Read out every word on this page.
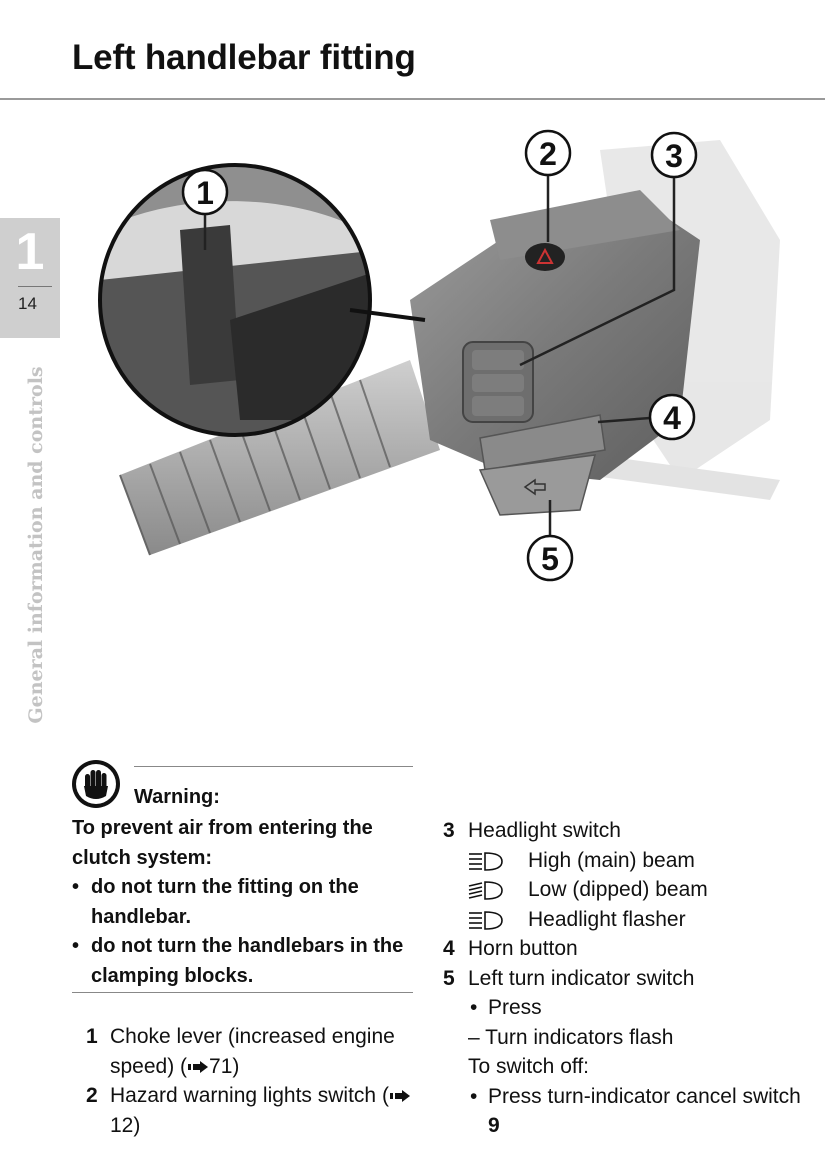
Left handlebar fitting
1
14
General information and controls
1
2	3
4
5
Warning:

To prevent air from entering the clutch system:

• do not turn the fitting on the handlebar.

• do not turn the handlebars in the clamping blocks.

1 Choke lever (increased engine speed) ( 71)
2 Hazard warning lights switch (12)
3 Headlight switch
High (main) beam
Low (dipped) beam
Headlight flasher
4 Horn button
5 Left turn indicator switch
• Press
– Turn indicators flash
To switch off:
• Press turn-indicator cancel switch 9
